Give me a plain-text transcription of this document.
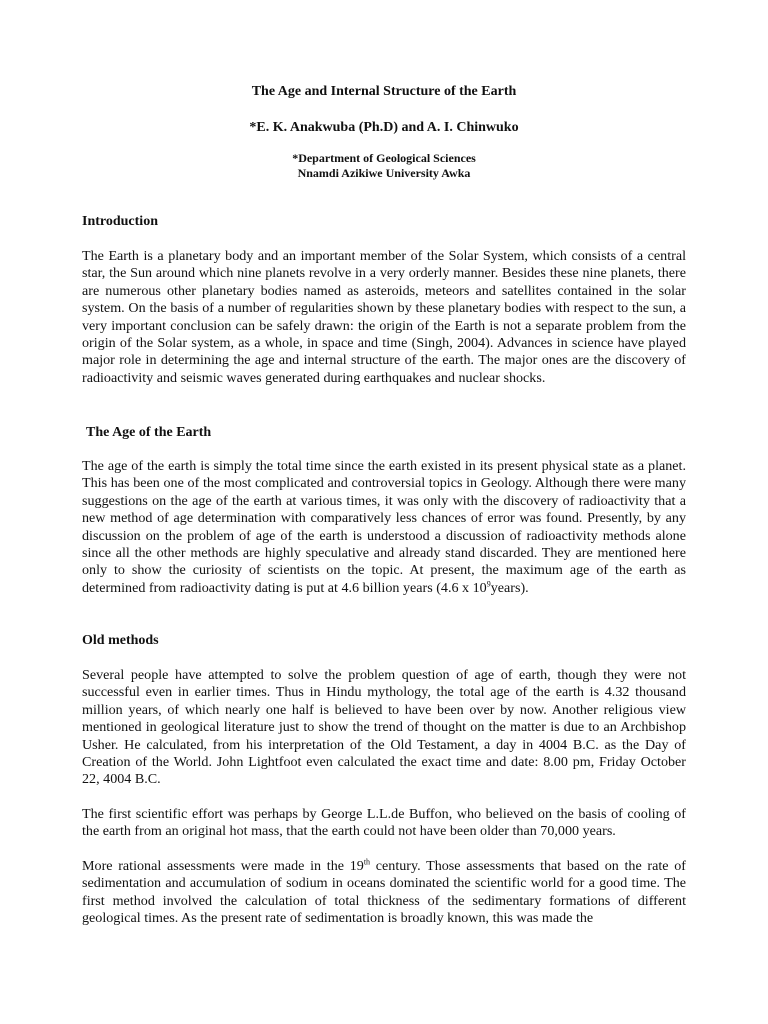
The Age and Internal Structure of the Earth
*E. K. Anakwuba (Ph.D) and A. I. Chinwuko
*Department of Geological Sciences
Nnamdi Azikiwe University Awka
Introduction

The Earth is a planetary body and an important member of the Solar System, which consists of a central star, the Sun around which nine planets revolve in a very orderly manner. Besides these nine planets, there are numerous other planetary bodies named as asteroids, meteors and satellites contained in the solar system. On the basis of a number of regularities shown by these planetary bodies with respect to the sun, a very important conclusion can be safely drawn: the origin of the Earth is not a separate problem from the origin of the Solar system, as a whole, in space and time (Singh, 2004). Advances in science have played major role in determining the age and internal structure of the earth. The major ones are the discovery of radioactivity and seismic waves generated during earthquakes and nuclear shocks.

The Age of the Earth

The age of the earth is simply the total time since the earth existed in its present physical state as a planet. This has been one of the most complicated and controversial topics in Geology. Although there were many suggestions on the age of the earth at various times, it was only with the discovery of radioactivity that a new method of age determination with comparatively less chances of error was found. Presently, by any discussion on the problem of age of the earth is understood a discussion of radioactivity methods alone since all the other methods are highly speculative and already stand discarded. They are mentioned here only to show the curiosity of scientists on the topic. At present, the maximum age of the earth as determined from radioactivity dating is put at 4.6 billion years (4.6 x $10^9years$).

Old methods

Several people have attempted to solve the problem question of age of earth, though they were not successful even in earlier times. Thus in Hindu mythology, the total age of the earth is 4.32 thousand million years, of which nearly one half is believed to have been over by now. Another religious view mentioned in geological literature just to show the trend of thought on the matter is due to an Archbishop Usher. He calculated, from his interpretation of the Old Testament, a day in 4004 B.C. as the Day of Creation of the World. John Lightfoot even calculated the exact time and date: 8.00 pm, Friday October 22, 4004 B.C.

The first scientific effort was perhaps by George L.L.de Buffon, who believed on the basis of cooling of the earth from an original hot mass, that the earth could not have been older than 70,000 years.

More rational assessments were made in the 19th century. Those assessments that based on the rate of sedimentation and accumulation of sodium in oceans dominated the scientific world for a good time. The first method involved the calculation of total thickness of the sedimentary formations of different geological times. As the present rate of sedimentation is broadly known, this was made the
